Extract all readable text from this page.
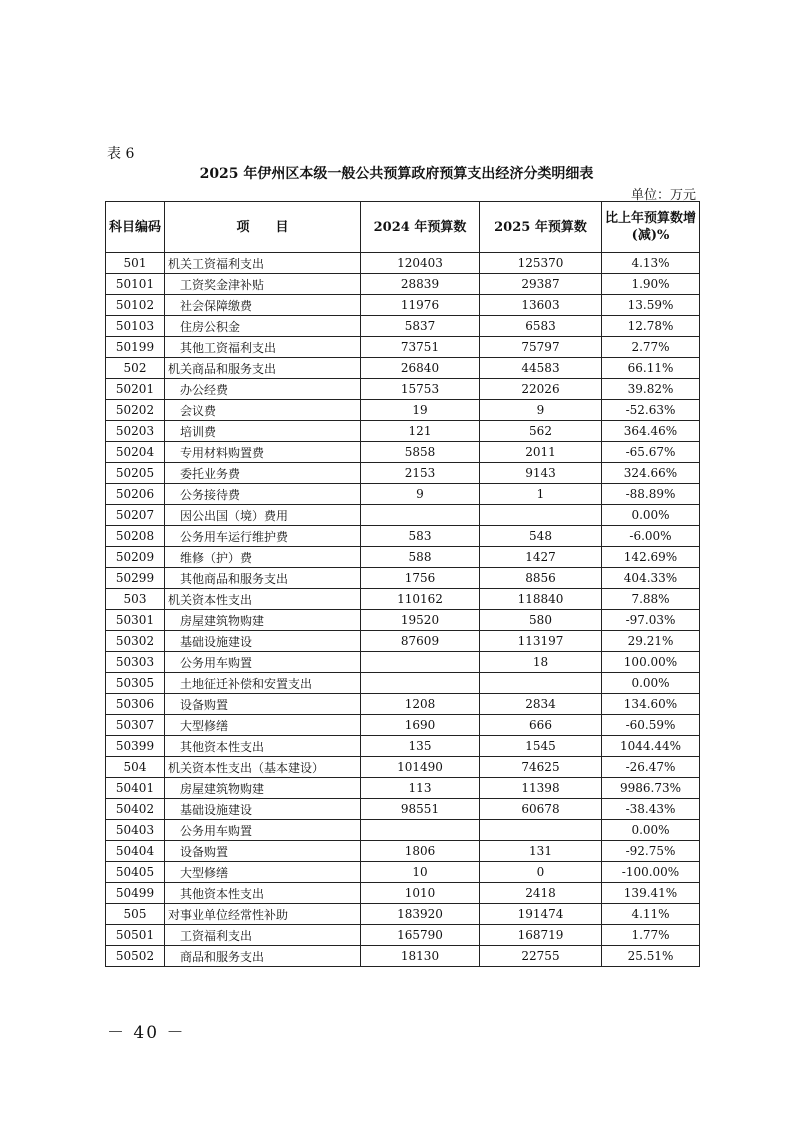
表 6
2025 年伊州区本级一般公共预算政府预算支出经济分类明细表
单位：万元
科目编码	项　　目	2024 年预算数	2025 年预算数	比上年预算数增 (减)%
501	机关工资福利支出	120403	125370	4.13%
50101	工资奖金津补贴	28839	29387	1.90%
50102	社会保障缴费	11976	13603	13.59%
50103	住房公积金	5837	6583	12.78%
50199	其他工资福利支出	73751	75797	2.77%
502	机关商品和服务支出	26840	44583	66.11%
50201	办公经费	15753	22026	39.82%
50202	会议费	19	9	-52.63%
50203	培训费	121	562	364.46%
50204	专用材料购置费	5858	2011	-65.67%
50205	委托业务费	2153	9143	324.66%
50206	公务接待费	9	1	-88.89%
50207	因公出国（境）费用			0.00%
50208	公务用车运行维护费	583	548	-6.00%
50209	维修（护）费	588	1427	142.69%
50299	其他商品和服务支出	1756	8856	404.33%
503	机关资本性支出	110162	118840	7.88%
50301	房屋建筑物购建	19520	580	-97.03%
50302	基础设施建设	87609	113197	29.21%
50303	公务用车购置		18	100.00%
50305	土地征迁补偿和安置支出			0.00%
50306	设备购置	1208	2834	134.60%
50307	大型修缮	1690	666	-60.59%
50399	其他资本性支出	135	1545	1044.44%
504	机关资本性支出（基本建设）	101490	74625	-26.47%
50401	房屋建筑物购建	113	11398	9986.73%
50402	基础设施建设	98551	60678	-38.43%
50403	公务用车购置			0.00%
50404	设备购置	1806	131	-92.75%
50405	大型修缮	10	0	-100.00%
50499	其他资本性支出	1010	2418	139.41%
505	对事业单位经常性补助	183920	191474	4.11%
50501	工资福利支出	165790	168719	1.77%
50502	商品和服务支出	18130	22755	25.51%
－ 40 －
